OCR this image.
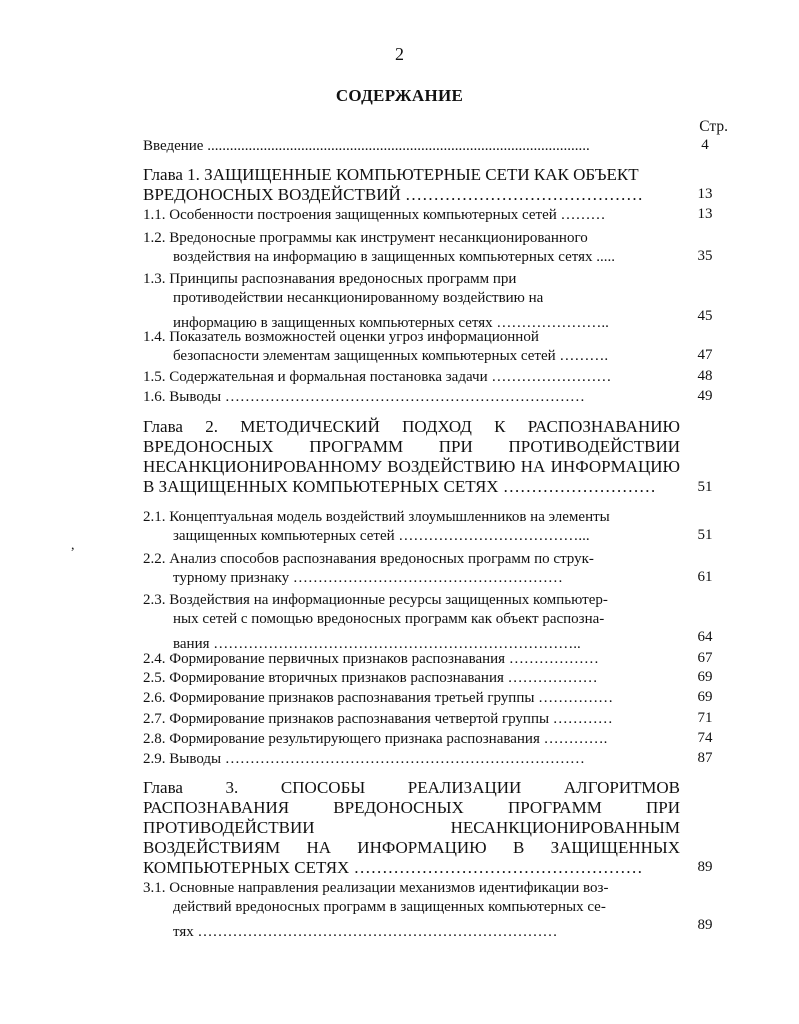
2
СОДЕРЖАНИЕ
Стр.
,
Введение ......................................................................................................	4
Глава 1. ЗАЩИЩЕННЫЕ КОМПЬЮТЕРНЫЕ СЕТИ КАК ОБЪЕКТ
ВРЕДОНОСНЫХ ВОЗДЕЙСТВИЙ ……………………………………	13
1.1. Особенности построения защищенных компьютерных сетей ………	13
1.2. Вредоносные программы как инструмент несанкционированного
воздействия на информацию в защищенных компьютерных сетях .....	35
1.3. Принципы распознавания вредоносных программ при
противодействии несанкционированному воздействию на информацию в защищенных компьютерных сетях …………………..	45
1.4. Показатель возможностей оценки угроз информационной
безопасности элементам защищенных компьютерных сетей ……….	47
1.5. Содержательная и формальная постановка задачи ……………………	48
1.6. Выводы ………………………………………………………………	49
Глава 2. МЕТОДИЧЕСКИЙ ПОДХОД К РАСПОЗНАВАНИЮ
ВРЕДОНОСНЫХ ПРОГРАММ ПРИ ПРОТИВОДЕЙСТВИИ
НЕСАНКЦИОНИРОВАННОМУ ВОЗДЕЙСТВИЮ НА ИНФОРМАЦИЮ
В ЗАЩИЩЕННЫХ КОМПЬЮТЕРНЫХ СЕТЯХ ………………………	51
2.1. Концептуальная модель воздействий злоумышленников на элементы
защищенных компьютерных сетей ………………………………...	51
2.2. Анализ способов распознавания вредоносных программ по струк-
турному признаку ………………………………………………	61
2.3. Воздействия на информационные ресурсы защищенных компьютер-
ных сетей с помощью вредоносных программ как объект распозна- вания ………………………………………………………………..	64
2.4. Формирование первичных признаков распознавания ………………	67
2.5. Формирование вторичных признаков распознавания ………………	69
2.6. Формирование признаков распознавания третьей группы ……………	69
2.7. Формирование признаков распознавания четвертой группы …………	71
2.8. Формирование результирующего признака распознавания ………….	74
2.9. Выводы ………………………………………………………………	87
Глава 3. СПОСОБЫ РЕАЛИЗАЦИИ АЛГОРИТМОВ
РАСПОЗНАВАНИЯ ВРЕДОНОСНЫХ ПРОГРАММ ПРИ
ПРОТИВОДЕЙСТВИИ НЕСАНКЦИОНИРОВАННЫМ
ВОЗДЕЙСТВИЯМ НА ИНФОРМАЦИЮ В ЗАЩИЩЕННЫХ
КОМПЬЮТЕРНЫХ СЕТЯХ ……………………………………………	89
3.1. Основные направления реализации механизмов идентификации воз-
действий вредоносных программ в защищенных компьютерных се- тях ………………………………………………………………	89
